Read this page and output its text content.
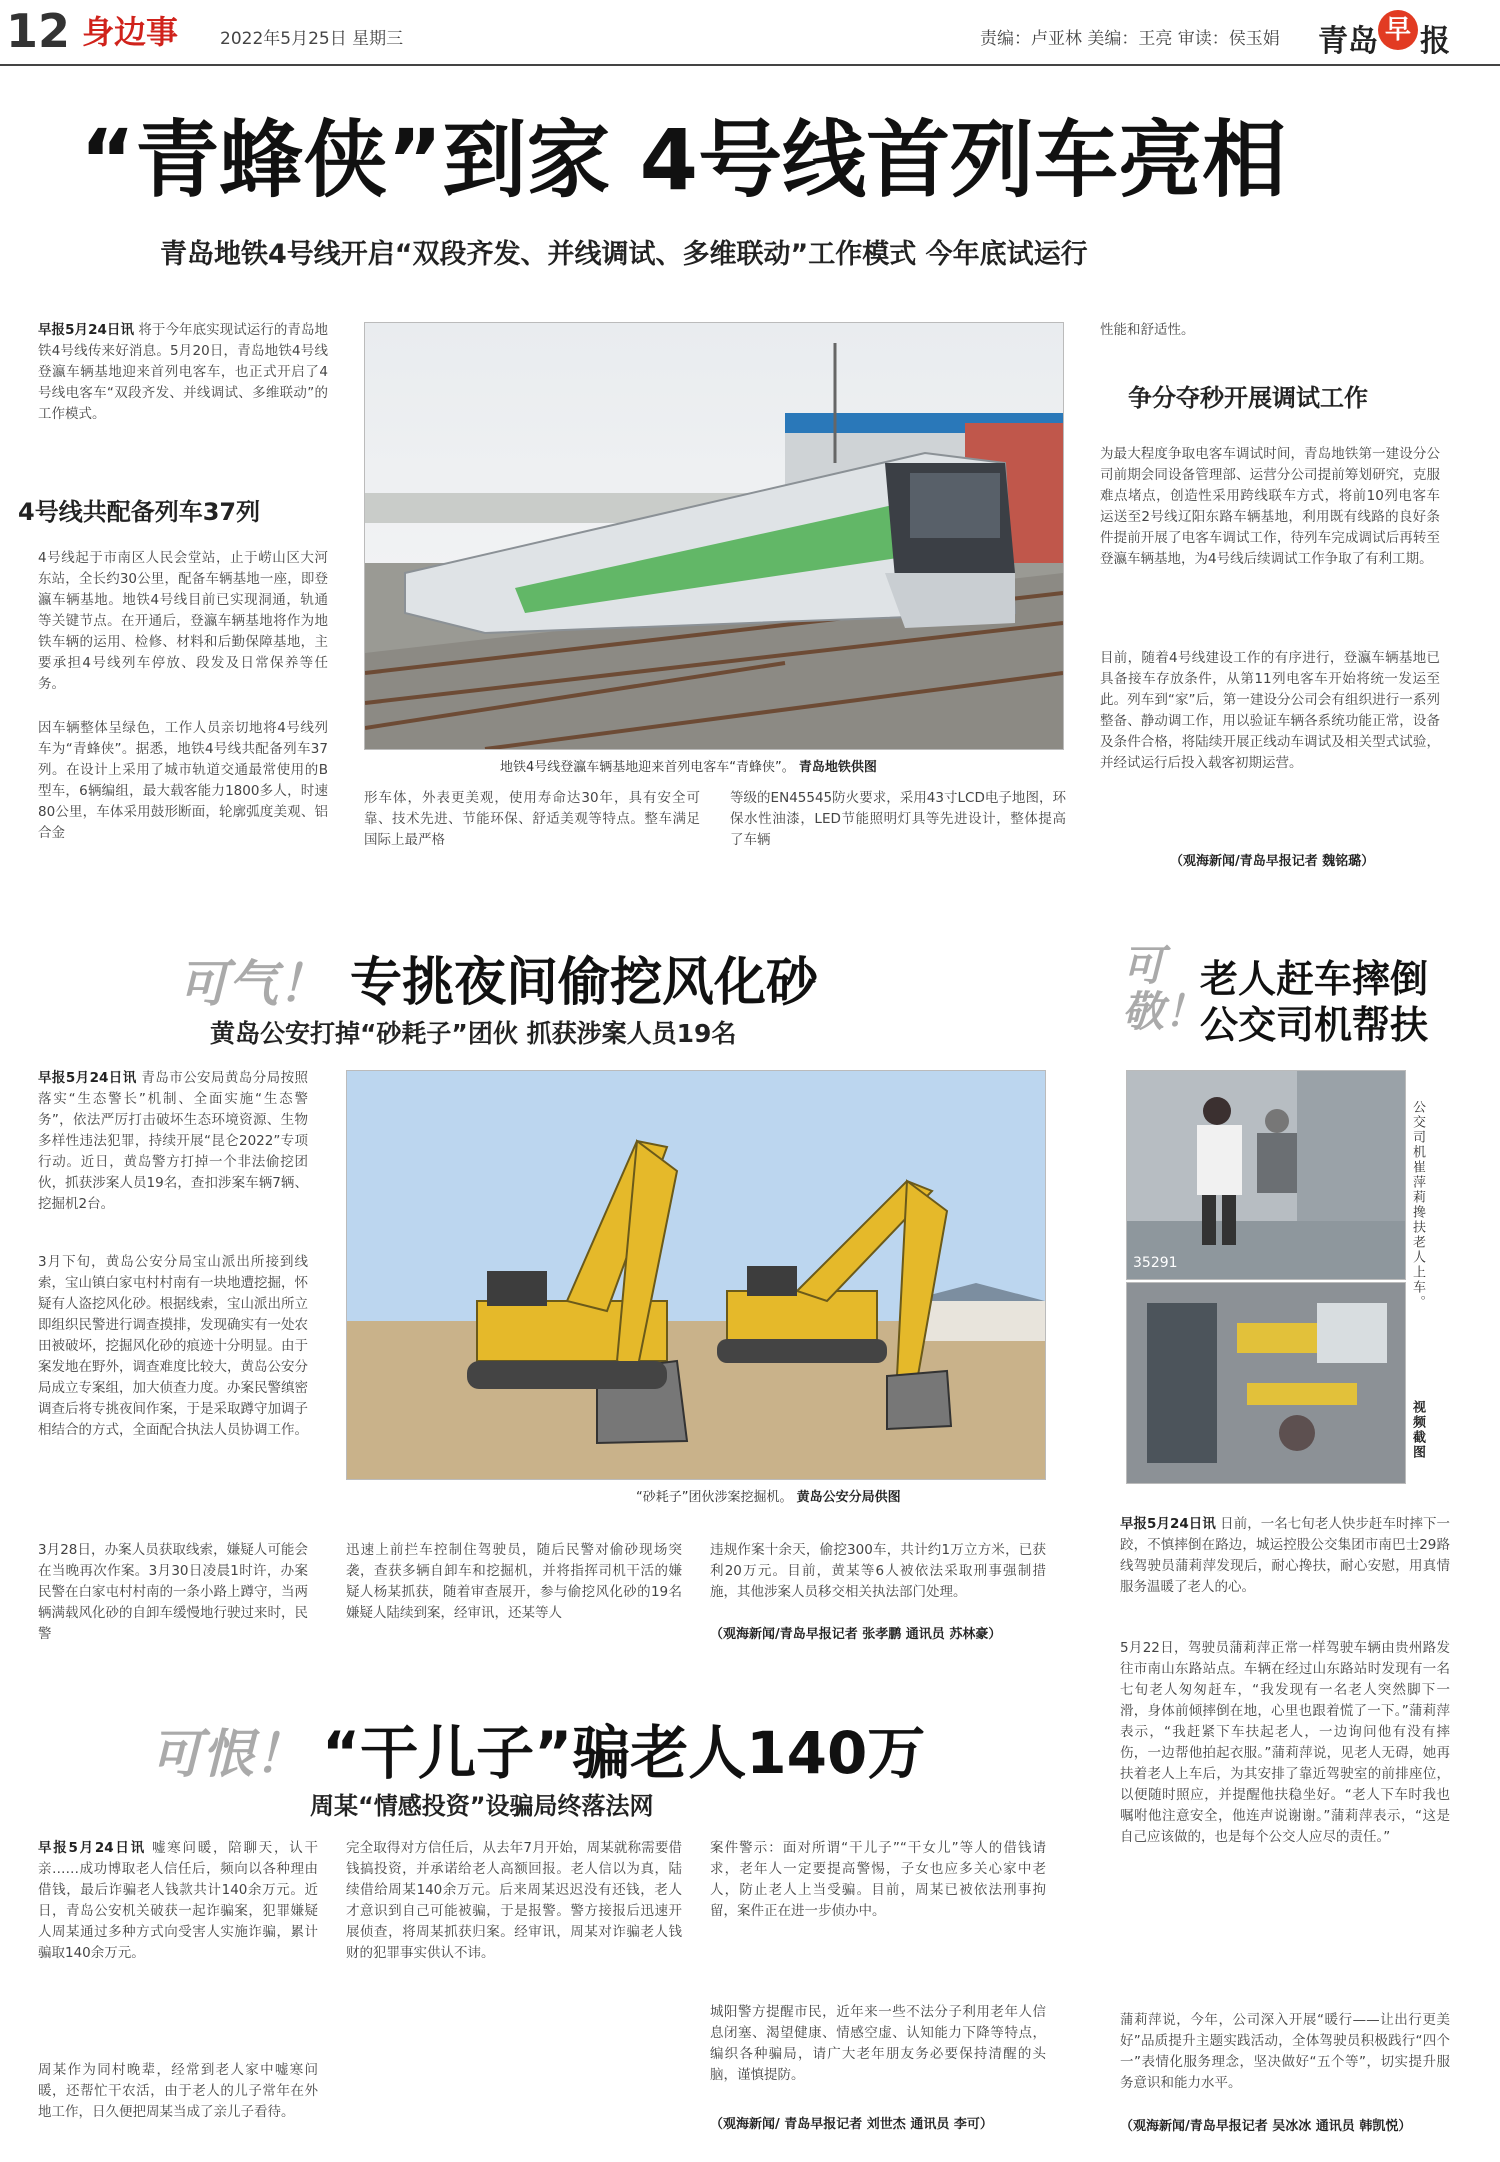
12 身边事 2022年5月25日 星期三	责编：卢亚林 美编：王亮 审读：侯玉娟 青岛 早 报
“青蜂侠”到家 4号线首列车亮相
青岛地铁4号线开启“双段齐发、并线调试、多维联动”工作模式 今年底试运行
早报5月24日讯 将于今年底实现试运行的青岛地铁4号线传来好消息。5月20日，青岛地铁4号线登瀛车辆基地迎来首列电客车，也正式开启了4号线电客车“双段齐发、并线调试、多维联动”的工作模式。
4号线共配备列车37列
4号线起于市南区人民会堂站，止于崂山区大河东站，全长约30公里，配备车辆基地一座，即登瀛车辆基地。地铁4号线目前已实现洞通，轨通等关键节点。在开通后，登瀛车辆基地将作为地铁车辆的运用、检修、材料和后勤保障基地，主要承担4号线列车停放、段发及日常保养等任务。
因车辆整体呈绿色，工作人员亲切地将4号线列车为“青蜂侠”。据悉，地铁4号线共配备列车37列。在设计上采用了城市轨道交通最常使用的B型车，6辆编组，最大载客能力1800多人，时速80公里，车体采用鼓形断面，轮廓弧度美观、铝合金
地铁4号线登瀛车辆基地迎来首列电客车“青蜂侠”。 青岛地铁供图
形车体，外表更美观，使用寿命达30年，具有安全可靠、技术先进、节能环保、舒适美观等特点。整车满足国际上最严格
等级的EN45545防火要求，采用43寸LCD电子地图，环保水性油漆，LED节能照明灯具等先进设计，整体提高了车辆
性能和舒适性。
争分夺秒开展调试工作
为最大程度争取电客车调试时间，青岛地铁第一建设分公司前期会同设备管理部、运营分公司提前筹划研究，克服难点堵点，创造性采用跨线联车方式，将前10列电客车运送至2号线辽阳东路车辆基地，利用既有线路的良好条件提前开展了电客车调试工作，待列车完成调试后再转至登瀛车辆基地，为4号线后续调试工作争取了有利工期。
目前，随着4号线建设工作的有序进行，登瀛车辆基地已具备接车存放条件，从第11列电客车开始将统一发运至此。列车到“家”后，第一建设分公司会有组织进行一系列整备、静动调工作，用以验证车辆各系统功能正常，设备及条件合格，将陆续开展正线动车调试及相关型式试验，并经试运行后投入载客初期运营。
（观海新闻/青岛早报记者 魏铭璐）
可气！ 专挑夜间偷挖风化砂
黄岛公安打掉“砂耗子”团伙 抓获涉案人员19名
早报5月24日讯 青岛市公安局黄岛分局按照落实“生态警长”机制、全面实施“生态警务”，依法严厉打击破坏生态环境资源、生物多样性违法犯罪，持续开展“昆仑2022”专项行动。近日，黄岛警方打掉一个非法偷挖团伙，抓获涉案人员19名，查扣涉案车辆7辆、挖掘机2台。
3月下旬，黄岛公安分局宝山派出所接到线索，宝山镇白家屯村村南有一块地遭挖掘，怀疑有人盗挖风化砂。根据线索，宝山派出所立即组织民警进行调查摸排，发现确实有一处农田被破坏，挖掘风化砂的痕迹十分明显。由于案发地在野外，调查难度比较大，黄岛公安分局成立专案组，加大侦查力度。办案民警缜密调查后将专挑夜间作案，于是采取蹲守加调子相结合的方式，全面配合执法人员协调工作。
3月28日，办案人员获取线索，嫌疑人可能会在当晚再次作案。3月30日凌晨1时许，办案民警在白家屯村村南的一条小路上蹲守，当两辆满载风化砂的自卸车缓慢地行驶过来时，民警
“砂耗子”团伙涉案挖掘机。 黄岛公安分局供图
迅速上前拦车控制住驾驶员，随后民警对偷砂现场突袭，查获多辆自卸车和挖掘机，并将指挥司机干活的嫌疑人杨某抓获，随着审查展开，参与偷挖风化砂的19名嫌疑人陆续到案，经审讯，还某等人
违规作案十余天，偷挖300车，共计约1万立方米，已获利20万元。目前，黄某等6人被依法采取刑事强制措施，其他涉案人员移交相关执法部门处理。
（观海新闻/青岛早报记者 张孝鹏 通讯员 苏林豪）
可
敬！
老人赶车摔倒
公交司机帮扶
35291	公交司机崔萍莉搀扶老人上车。
视频截图
早报5月24日讯 日前，一名七旬老人快步赶车时摔下一跤，不慎摔倒在路边，城运控股公交集团市南巴士29路线驾驶员蒲莉萍发现后，耐心搀扶，耐心安慰，用真情服务温暖了老人的心。
5月22日，驾驶员蒲莉萍正常一样驾驶车辆由贵州路发往市南山东路站点。车辆在经过山东路站时发现有一名七旬老人匆匆赶车，“我发现有一名老人突然脚下一滑，身体前倾摔倒在地，心里也跟着慌了一下。”蒲莉萍表示，“我赶紧下车扶起老人，一边询问他有没有摔伤，一边帮他拍起衣服。”蒲莉萍说，见老人无碍，她再扶着老人上车后，为其安排了靠近驾驶室的前排座位，以便随时照应，并提醒他扶稳坐好。“老人下车时我也嘱咐他注意安全，他连声说谢谢。”蒲莉萍表示，“这是自己应该做的，也是每个公交人应尽的责任。”
蒲莉萍说，今年，公司深入开展“暖行——让出行更美好”品质提升主题实践活动，全体驾驶员积极践行“四个一”表情化服务理念，坚决做好“五个等”，切实提升服务意识和能力水平。
（观海新闻/青岛早报记者 吴冰冰 通讯员 韩凯悦）
可恨！ “干儿子”骗老人140万
周某“情感投资”设骗局终落法网
早报5月24日讯 嘘寒问暖，陪聊天，认干亲……成功博取老人信任后，频向以各种理由借钱，最后诈骗老人钱款共计140余万元。近日，青岛公安机关破获一起诈骗案，犯罪嫌疑人周某通过多种方式向受害人实施诈骗，累计骗取140余万元。
周某作为同村晚辈，经常到老人家中嘘寒问暖，还帮忙干农活，由于老人的儿子常年在外地工作，日久便把周某当成了亲儿子看待。
完全取得对方信任后，从去年7月开始，周某就称需要借钱搞投资，并承诺给老人高额回报。老人信以为真，陆续借给周某140余万元。后来周某迟迟没有还钱，老人才意识到自己可能被骗，于是报警。警方接报后迅速开展侦查，将周某抓获归案。经审讯，周某对诈骗老人钱财的犯罪事实供认不讳。
案件警示：面对所谓“干儿子”“干女儿”等人的借钱请求，老年人一定要提高警惕，子女也应多关心家中老人，防止老人上当受骗。目前，周某已被依法刑事拘留，案件正在进一步侦办中。
城阳警方提醒市民，近年来一些不法分子利用老年人信息闭塞、渴望健康、情感空虚、认知能力下降等特点，编织各种骗局，请广大老年朋友务必要保持清醒的头脑，谨慎提防。
（观海新闻/ 青岛早报记者 刘世杰 通讯员 李可）
